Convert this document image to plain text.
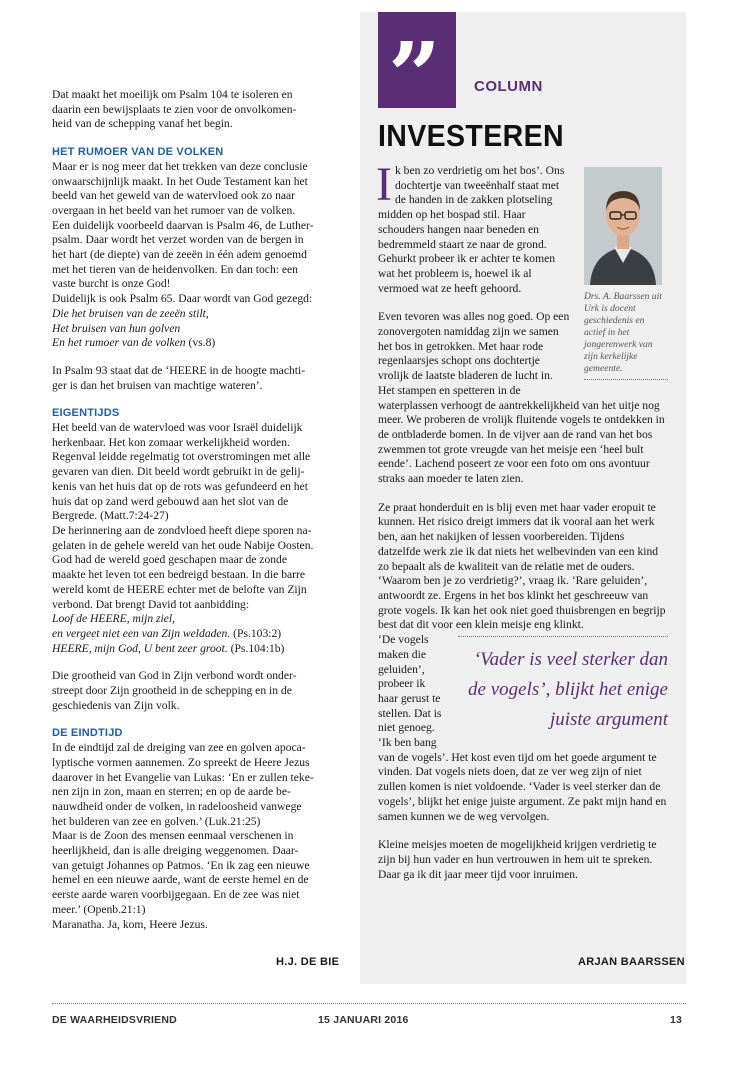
Dat maakt het moeilijk om Psalm 104 te isoleren en

daarin een bewijsplaats te zien voor de onvolkomen-

heid van de schepping vanaf het begin.

HET RUMOER VAN DE VOLKEN

Maar er is nog meer dat het trekken van deze conclusie

onwaarschijnlijk maakt. In het Oude Testament kan het

beeld van het geweld van de watervloed ook zo naar

overgaan in het beeld van het rumoer van de volken.

Een duidelijk voorbeeld daarvan is Psalm 46, de Luther-

psalm. Daar wordt het verzet worden van de bergen in

het hart (de diepte) van de zeeën in één adem genoemd

met het tieren van de heidenvolken. En dan toch: een

vaste burcht is onze God!

Duidelijk is ook Psalm 65. Daar wordt van God gezegd:

Die het bruisen van de zeeën stilt,

Het bruisen van hun golven

En het rumoer van de volken (vs.8)

In Psalm 93 staat dat de ‘HEERE in de hoogte machti-

ger is dan het bruisen van machtige wateren’.

EIGENTIJDS

Het beeld van de watervloed was voor Israël duidelijk

herkenbaar. Het kon zomaar werkelijkheid worden.

Regenval leidde regelmatig tot overstromingen met alle

gevaren van dien. Dit beeld wordt gebruikt in de gelij-

kenis van het huis dat op de rots was gefundeerd en het

huis dat op zand werd gebouwd aan het slot van de

Bergrede. (Matt.7:24-27)

De herinnering aan de zondvloed heeft diepe sporen na-

gelaten in de gehele wereld van het oude Nabije Oosten.

God had de wereld goed geschapen maar de zonde

maakte het leven tot een bedreigd bestaan. In die barre

wereld komt de HEERE echter met de belofte van Zijn

verbond. Dat brengt David tot aanbidding:

Loof de HEERE, mijn ziel,

en vergeet niet een van Zijn weldaden. (Ps.103:2)

HEERE, mijn God, U bent zeer groot. (Ps.104:1b)

Die grootheid van God in Zijn verbond wordt onder-

streept door Zijn grootheid in de schepping en in de

geschiedenis van Zijn volk.

DE EINDTIJD

In de eindtijd zal de dreiging van zee en golven apoca-

lyptische vormen aannemen. Zo spreekt de Heere Jezus

daarover in het Evangelie van Lukas: ‘En er zullen teke-

nen zijn in zon, maan en sterren; en op de aarde be-

nauwdheid onder de volken, in radeloosheid vanwege

het bulderen van zee en golven.’ (Luk.21:25)

Maar is de Zoon des mensen eenmaal verschenen in

heerlijkheid, dan is alle dreiging weggenomen. Daar-

van getuigt Johannes op Patmos. ‘En ik zag een nieuwe

hemel en een nieuwe aarde, want de eerste hemel en de

eerste aarde waren voorbijgegaan. En de zee was niet

meer.’ (Openb.21:1)

Maranatha. Ja, kom, Heere Jezus.

H.J. DE BIE
” COLUMN
INVESTEREN
Drs. A. Baarssen uit Urk is docent geschiedenis en actief in het jongerenwerk van zijn kerkelijke gemeente.

Ik ben zo verdrietig om het bos’. Ons dochtertje van tweeënhalf staat met de handen in de zakken plotseling midden op het bospad stil. Haar schouders hangen naar beneden en bedremmeld staart ze naar de grond. Gehurkt probeer ik er achter te komen wat het probleem is, hoewel ik al vermoed wat ze heeft gehoord.

Even tevoren was alles nog goed. Op een zonovergoten namiddag zijn we samen het bos in getrokken. Met haar rode regenlaarsjes schopt ons dochtertje vrolijk de laatste bladeren de lucht in. Het stampen en spetteren in de waterplassen verhoogt de aantrekkelijkheid van het uitje nog meer. We proberen de vrolijk fluitende vogels te ontdekken in de ontbladerde bomen. In de vijver aan de rand van het bos zwemmen tot grote vreugde van het meisje een ‘heel bult eende’. Lachend poseert ze voor een foto om ons avontuur straks aan moeder te laten zien.

Ze praat honderduit en is blij even met haar vader eropuit te kunnen. Het risico dreigt immers dat ik vooral aan het werk ben, aan het nakijken of lessen voorbereiden. Tijdens datzelfde werk zie ik dat niets het welbevinden van een kind zo bepaalt als de kwaliteit van de relatie met de ouders.

‘Waarom ben je zo verdrietig?’, vraag ik. ‘Rare geluiden’, antwoordt ze. Ergens in het bos klinkt het geschreeuw van grote vogels. Ik kan het ook niet goed thuisbrengen en begrijp best dat dit voor een klein meisje eng klinkt.

‘Vader is veel sterker dan de vogels’, blijkt het enige juiste argument

‘De vogels maken die geluiden’, probeer ik haar gerust te stellen. Dat is niet genoeg. ‘Ik ben bang van de vogels’. Het kost even tijd om het goede argument te vinden. Dat vogels niets doen, dat ze ver weg zijn of niet zullen komen is niet voldoende. ‘Vader is veel sterker dan de vogels’, blijkt het enige juiste argument. Ze pakt mijn hand en samen kunnen we de weg vervolgen.

Kleine meisjes moeten de mogelijkheid krijgen verdrietig te zijn bij hun vader en hun vertrouwen in hem uit te spreken. Daar ga ik dit jaar meer tijd voor inruimen.

ARJAN BAARSSEN
DE WAARHEIDSVRIEND	15 JANUARI 2016	13
